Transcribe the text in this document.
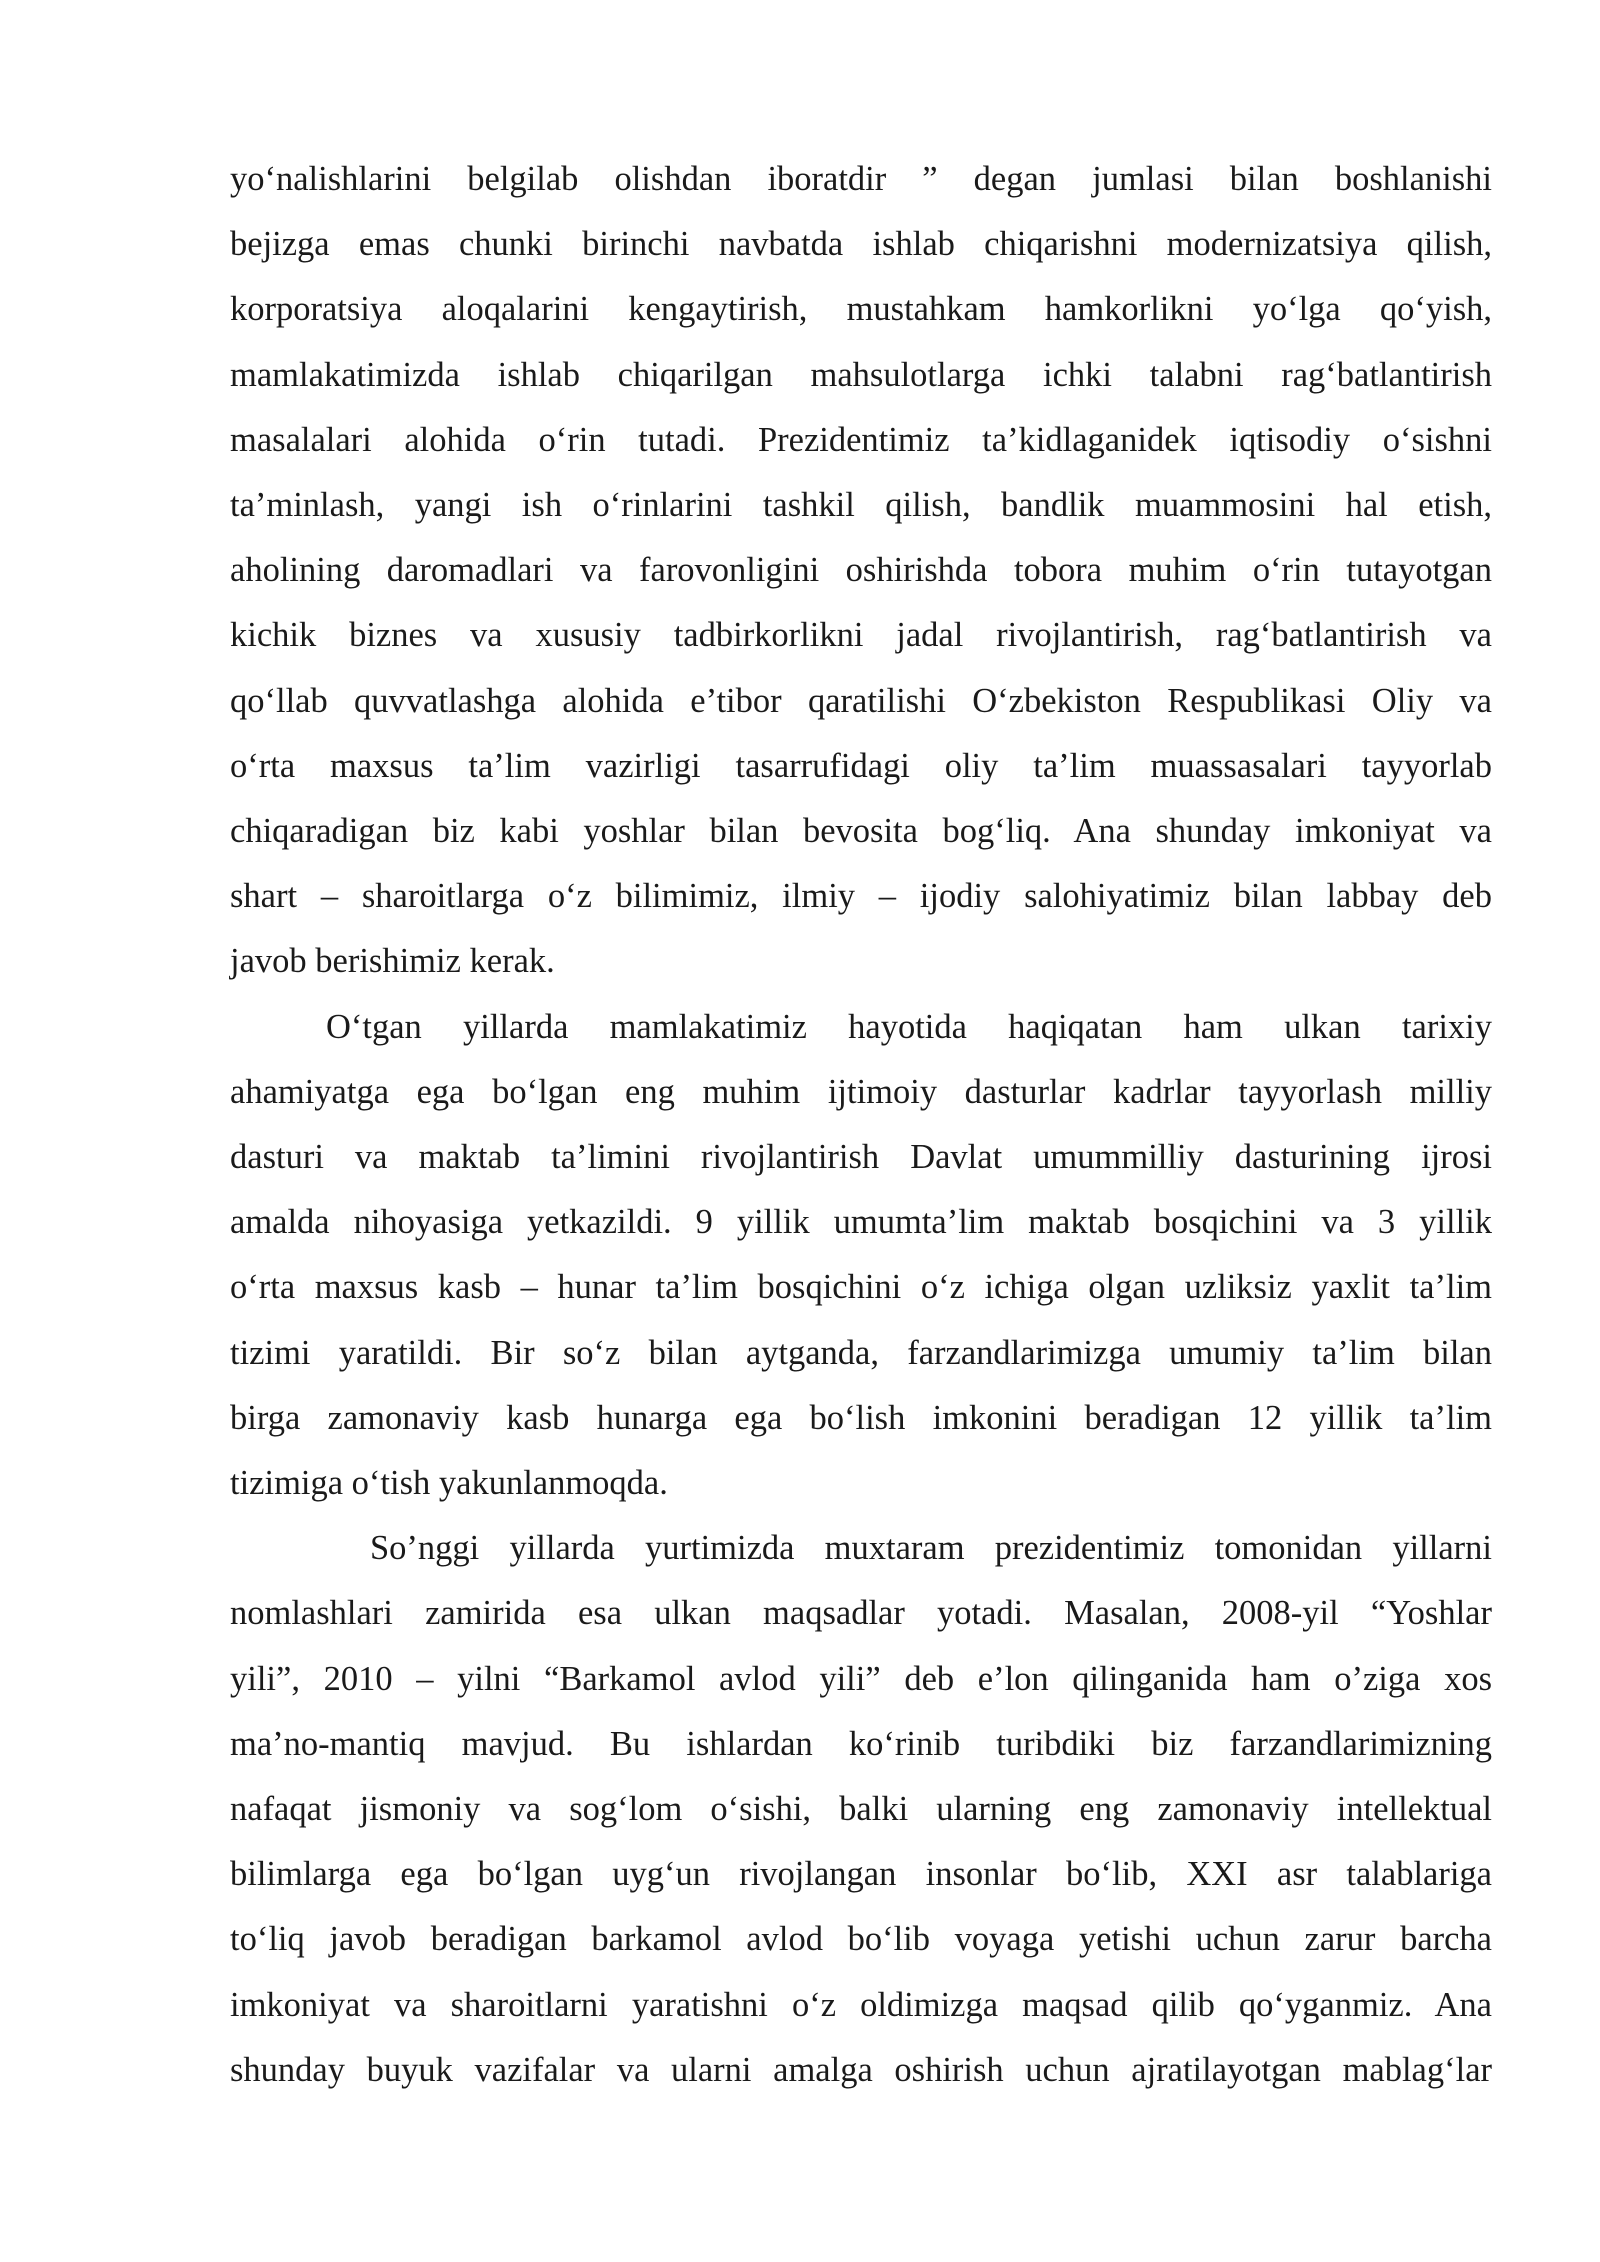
yo‘nalishlarini belgilab olishdan iboratdir ” degan jumlasi bilan boshlanishi
bejizga emas chunki birinchi navbatda ishlab chiqarishni modernizatsiya qilish,
korporatsiya aloqalarini kengaytirish, mustahkam hamkorlikni yo‘lga qo‘yish,
mamlakatimizda ishlab chiqarilgan mahsulotlarga ichki talabni rag‘batlantirish
masalalari alohida o‘rin tutadi. Prezidentimiz ta’kidlaganidek iqtisodiy o‘sishni
ta’minlash, yangi ish o‘rinlarini tashkil qilish, bandlik muammosini hal etish,
aholining daromadlari va farovonligini oshirishda tobora muhim o‘rin tutayotgan
kichik biznes va xususiy tadbirkorlikni jadal rivojlantirish, rag‘batlantirish va
qo‘llab quvvatlashga alohida e’tibor qaratilishi O‘zbekiston Respublikasi Oliy va
o‘rta maxsus ta’lim vazirligi tasarrufidagi oliy ta’lim muassasalari tayyorlab
chiqaradigan biz kabi yoshlar bilan bevosita bog‘liq. Ana shunday imkoniyat va
shart – sharoitlarga o‘z bilimimiz, ilmiy – ijodiy salohiyatimiz bilan labbay deb
javob berishimiz kerak.
O‘tgan yillarda mamlakatimiz hayotida haqiqatan ham ulkan tarixiy
ahamiyatga ega bo‘lgan eng muhim ijtimoiy dasturlar kadrlar tayyorlash milliy
dasturi va maktab ta’limini rivojlantirish Davlat umummilliy dasturining ijrosi
amalda nihoyasiga yetkazildi. 9 yillik umumta’lim maktab bosqichini va 3 yillik
o‘rta maxsus kasb – hunar ta’lim bosqichini o‘z ichiga olgan uzliksiz yaxlit ta’lim
tizimi yaratildi. Bir so‘z bilan aytganda, farzandlarimizga umumiy ta’lim bilan
birga zamonaviy kasb hunarga ega bo‘lish imkonini beradigan 12 yillik ta’lim
tizimiga o‘tish yakunlanmoqda.
So’nggi yillarda yurtimizda muxtaram prezidentimiz tomonidan yillarni
nomlashlari zamirida esa ulkan maqsadlar yotadi. Masalan, 2008-yil “Yoshlar
yili”, 2010 – yilni “Barkamol avlod yili” deb e’lon qilinganida ham o’ziga xos
ma’no-mantiq mavjud. Bu ishlardan ko‘rinib turibdiki biz farzandlarimizning
nafaqat jismoniy va sog‘lom o‘sishi, balki ularning eng zamonaviy intellektual
bilimlarga ega bo‘lgan uyg‘un rivojlangan insonlar bo‘lib, XXI asr talablariga
to‘liq javob beradigan barkamol avlod bo‘lib voyaga yetishi uchun zarur barcha
imkoniyat va sharoitlarni yaratishni o‘z oldimizga maqsad qilib qo‘yganmiz. Ana
shunday buyuk vazifalar va ularni amalga oshirish uchun ajratilayotgan mablag‘lar
